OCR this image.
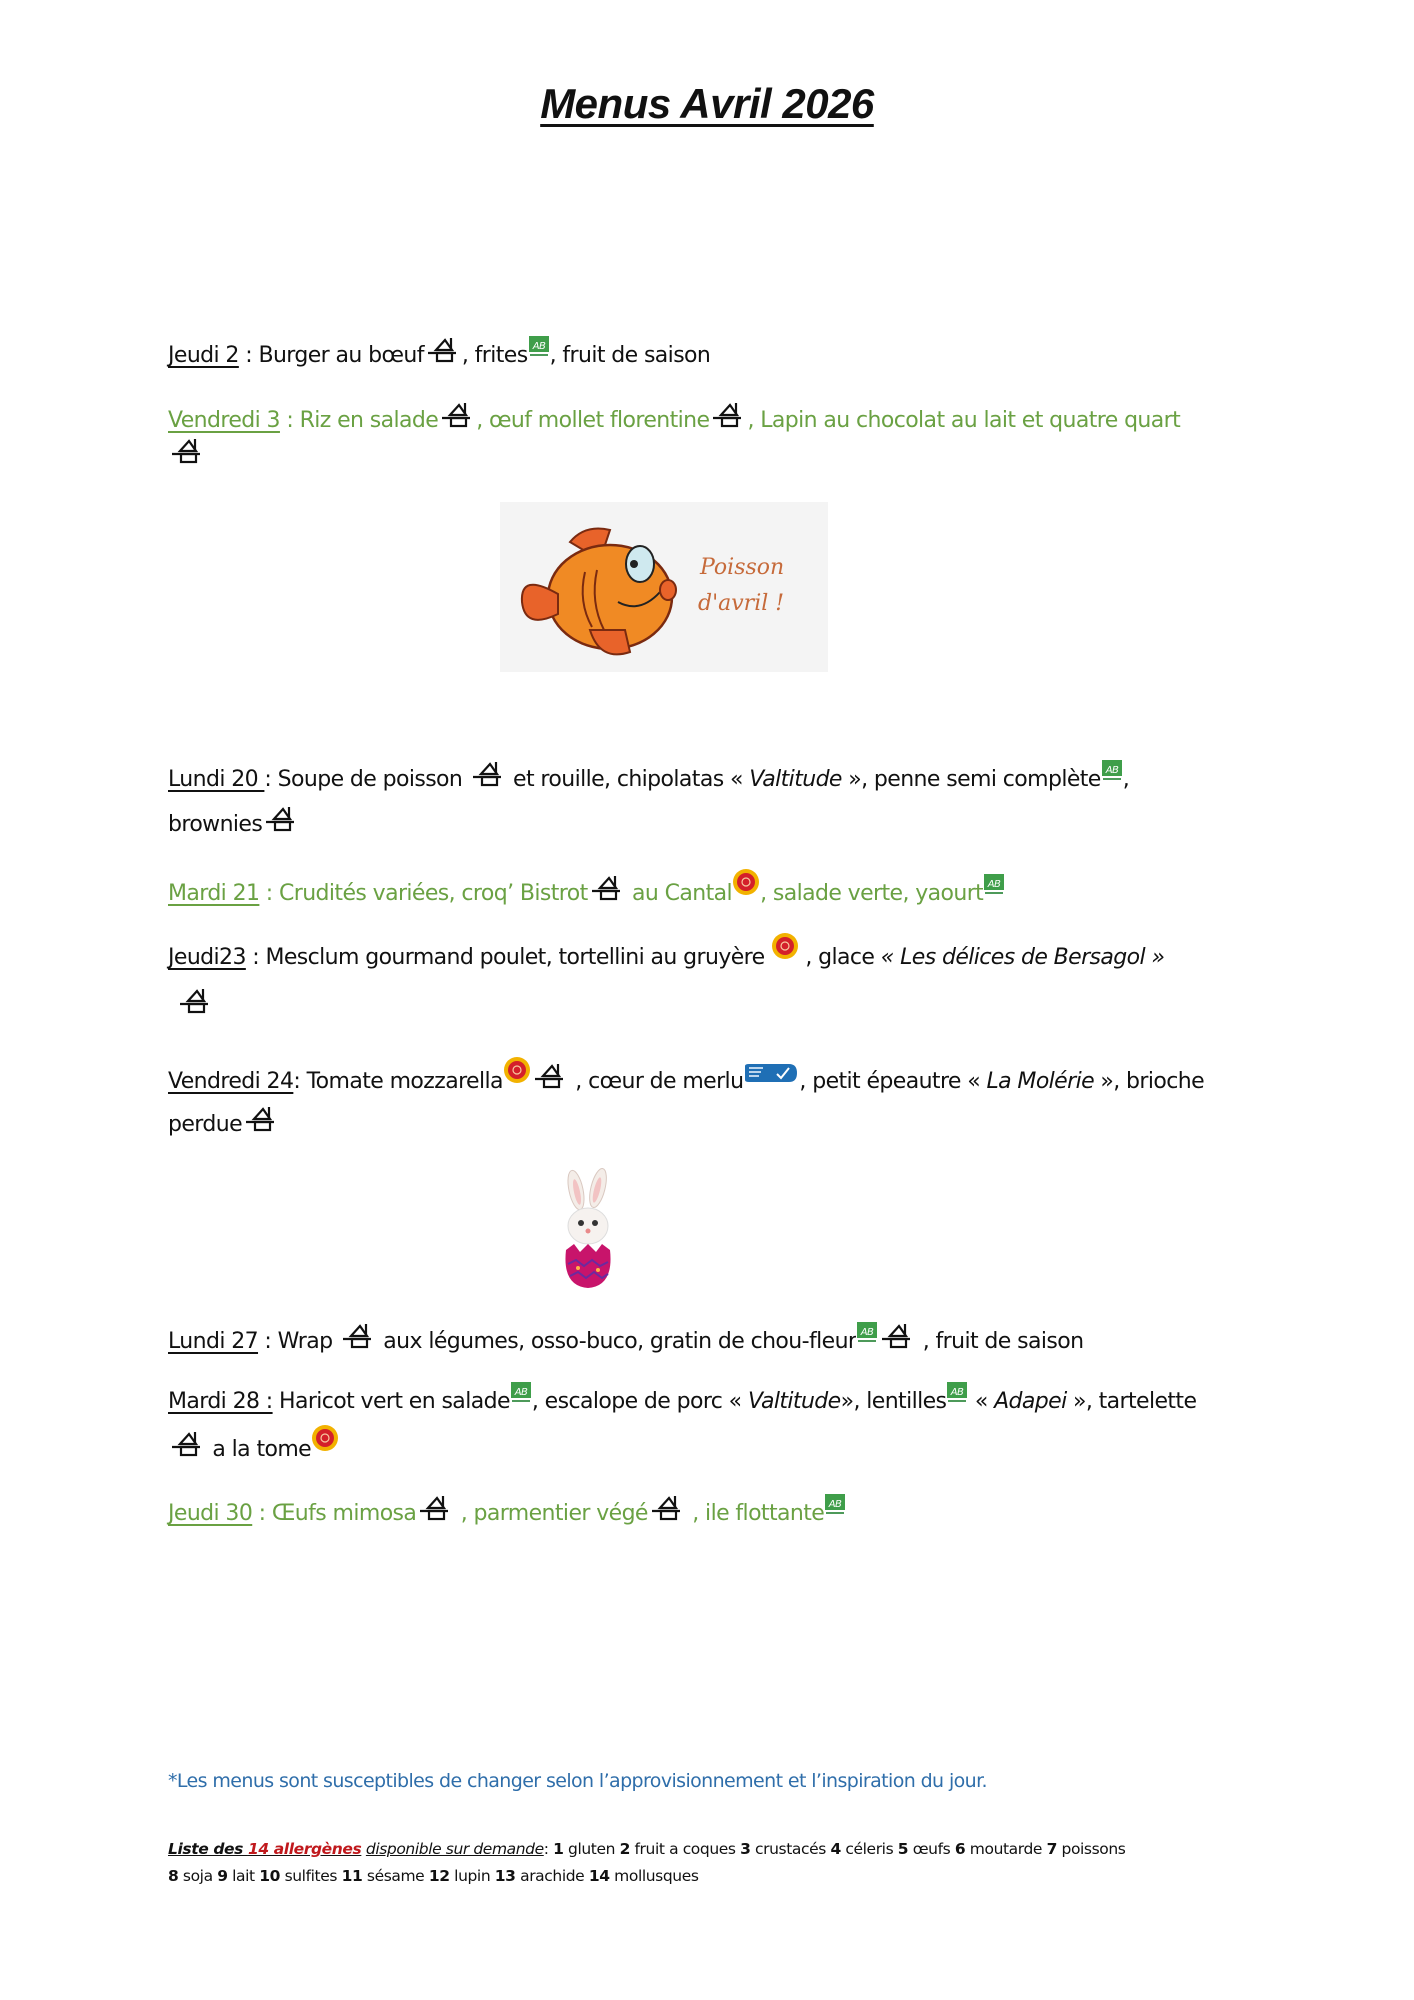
Menus Avril 2026
Jeudi 2 : Burger au bœuf , frites , fruit de saison
Vendredi 3 : Riz en salade , œuf mollet florentine , Lapin au chocolat au lait et quatre quart
Poisson
d'avril !
Lundi 20 : Soupe de poisson  et rouille, chipolatas « Valtitude », penne semi complète ,
brownies
Mardi 21 : Crudités variées, croq’ Bistrot au Cantal , salade verte, yaourt
Jeudi23 : Mesclum gourmand poulet, tortellini au gruyère  , glace « Les délices de Bersagol »
Vendredi 24: Tomate mozzarella	, cœur de merlu	, petit épeautre « La Molérie », brioche
perdue
Lundi 27 : Wrap  aux légumes, osso-buco, gratin de chou-fleur	, fruit de saison
Mardi 28 : Haricot vert en salade , escalope de porc « Valtitude», lentilles « Adapei », tartelette
a la tome
Jeudi 30 : Œufs mimosa , parmentier végé , ile flottante
*Les menus sont susceptibles de changer selon l’approvisionnement et l’inspiration du jour.
Liste des 14 allergènes disponible sur demande: 1 gluten 2 fruit a coques 3 crustacés 4 céleris 5 œufs 6 moutarde 7 poissons
8 soja 9 lait 10 sulfites 11 sésame 12 lupin 13 arachide 14 mollusques
